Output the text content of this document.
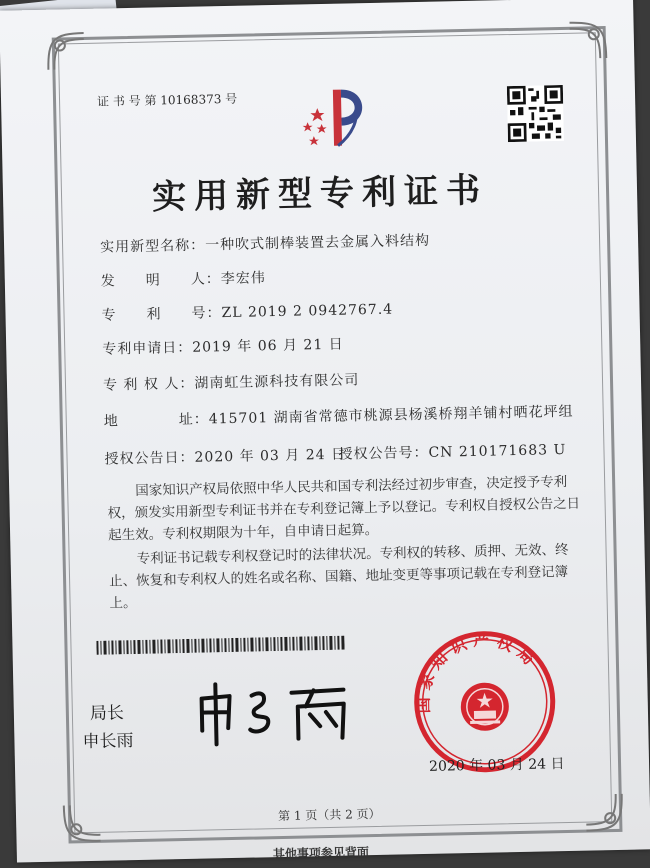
证 书 号 第 10168373 号
实用新型专利证书
实用新型名称：一种吹式制棒装置去金属入料结构
发　　明　　人：李宏伟
专　　利　　号：ZL 2019 2 0942767.4
专利申请日：2019 年 06 月 21 日
专 利 权 人：湖南虹生源科技有限公司
地　　　　址：415701 湖南省常德市桃源县杨溪桥翔羊铺村晒花坪组
授权公告日：2020 年 03 月 24 日
授权公告号：CN 210171683 U
国家知识产权局依照中华人民共和国专利法经过初步审查，决定授予专利权，颁发实用新型专利证书并在专利登记簿上予以登记。专利权自授权公告之日起生效。专利权期限为十年，自申请日起算。
专利证书记载专利权登记时的法律状况。专利权的转移、质押、无效、终止、恢复和专利权人的姓名或名称、国籍、地址变更等事项记载在专利登记簿上。
局长
申长雨
国家知识产权局
2020 年 03 月 24 日
第 1 页（共 2 页）
其他事项参见背面
